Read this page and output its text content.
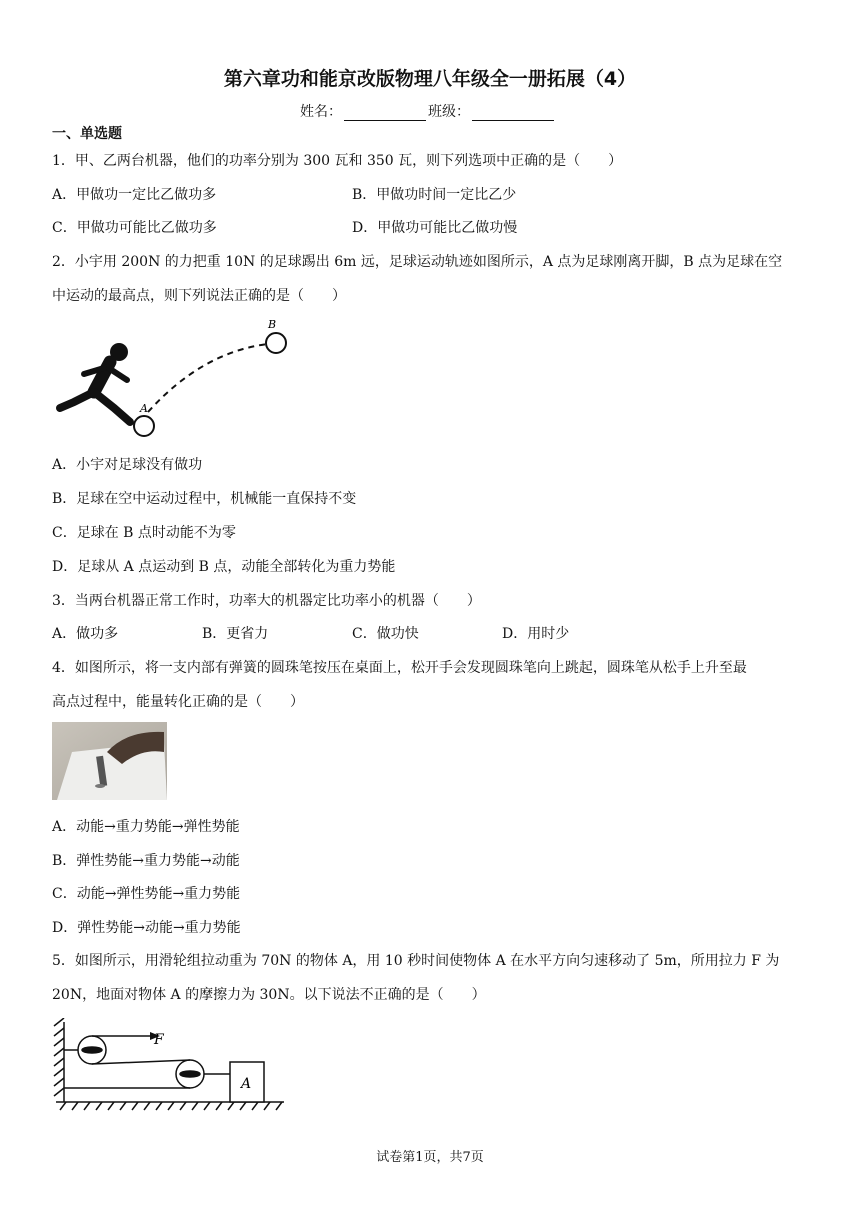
第六章功和能京改版物理八年级全一册拓展（4）
姓名：	班级：
一、单选题
1．甲、乙两台机器，他们的功率分别为 300 瓦和 350 瓦，则下列选项中正确的是（　　）
A．甲做功一定比乙做功多	B．甲做功时间一定比乙少
C．甲做功可能比乙做功多	D．甲做功可能比乙做功慢
2．小宇用 200N 的力把重 10N 的足球踢出 6m 远，足球运动轨迹如图所示，A 点为足球刚离开脚，B 点为足球在空
中运动的最高点，则下列说法正确的是（　　）
A
B
A．小宇对足球没有做功
B．足球在空中运动过程中，机械能一直保持不变
C．足球在 B 点时动能不为零
D．足球从 A 点运动到 B 点，动能全部转化为重力势能
3．当两台机器正常工作时，功率大的机器定比功率小的机器（　　）
A．做功多	B．更省力	C．做功快	D．用时少
4．如图所示，将一支内部有弹簧的圆珠笔按压在桌面上，松开手会发现圆珠笔向上跳起，圆珠笔从松手上升至最
高点过程中，能量转化正确的是（　　）
A．动能→重力势能→弹性势能
B．弹性势能→重力势能→动能
C．动能→弹性势能→重力势能
D．弹性势能→动能→重力势能
5．如图所示，用滑轮组拉动重为 70N 的物体 A，用 10 秒时间使物体 A 在水平方向匀速移动了 5m，所用拉力 F 为
20N，地面对物体 A 的摩擦力为 30N。以下说法不正确的是（　　）
F
A
试卷第1页，共7页
